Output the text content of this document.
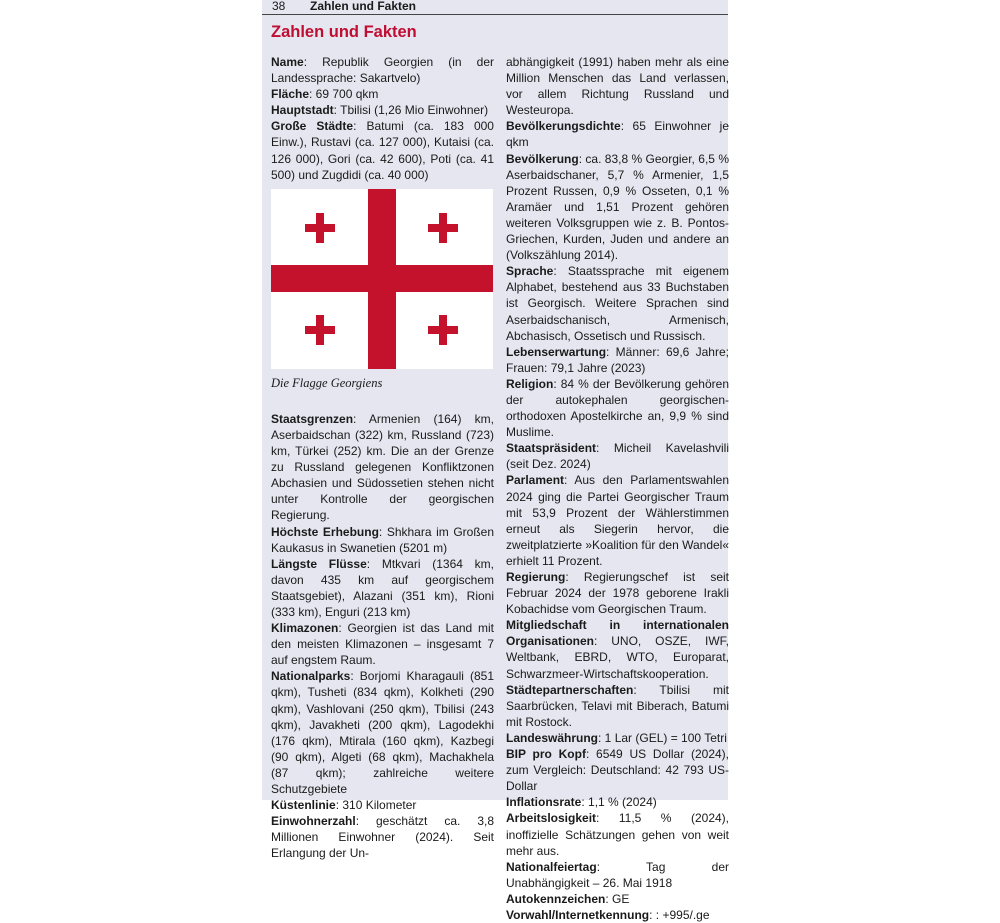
38 Zahlen und Fakten
Zahlen und Fakten

Name: Republik Georgien (in der Landessprache: Sakartvelo)

Fläche: 69 700 qkm

Hauptstadt: Tbilisi (1,26 Mio Einwohner)

Große Städte: Batumi (ca. 183 000 Einw.), Rustavi (ca. 127 000), Kutaisi (ca. 126 000), Gori (ca. 42 600), Poti (ca. 41 500) und Zugdidi (ca. 40 000)

Die Flagge Georgiens

Staatsgrenzen: Armenien (164) km, Aserbaidschan (322) km, Russland (723) km, Türkei (252) km. Die an der Grenze zu Russland gelegenen Konfliktzonen Abchasien und Südossetien stehen nicht unter Kontrolle der georgischen Regierung.

Höchste Erhebung: Shkhara im Großen Kaukasus in Swanetien (5201 m)

Längste Flüsse: Mtkvari (1364 km, davon 435 km auf georgischem Staatsgebiet), Alazani (351 km), Rioni (333 km), Enguri (213 km)

Klimazonen: Georgien ist das Land mit den meisten Klimazonen – insgesamt 7 auf engstem Raum.

Nationalparks: Borjomi Kharagauli (851 qkm), Tusheti (834 qkm), Kolkheti (290 qkm), Vashlovani (250 qkm), Tbilisi (243 qkm), Javakheti (200 qkm), Lagodekhi (176 qkm), Mtirala (160 qkm), Kazbegi (90 qkm), Algeti (68 qkm), Machakhela (87 qkm); zahlreiche weitere Schutzgebiete

Küstenlinie: 310 Kilometer

Einwohnerzahl: geschätzt ca. 3,8 Millionen Einwohner (2024). Seit Erlangung der Un-

abhängigkeit (1991) haben mehr als eine Million Menschen das Land verlassen, vor allem Richtung Russland und Westeuropa.

Bevölkerungsdichte: 65 Einwohner je qkm

Bevölkerung: ca. 83,8 % Georgier, 6,5 % Aserbaidschaner, 5,7 % Armenier, 1,5 Prozent Russen, 0,9 % Osseten, 0,1 % Aramäer und 1,51 Prozent gehören weiteren Volksgruppen wie z. B. Pontos-Griechen, Kurden, Juden und andere an (Volkszählung 2014).

Sprache: Staatssprache mit eigenem Alphabet, bestehend aus 33 Buchstaben ist Georgisch. Weitere Sprachen sind Aserbaidschanisch, Armenisch, Abchasisch, Ossetisch und Russisch.

Lebenserwartung: Männer: 69,6 Jahre; Frauen: 79,1 Jahre (2023)

Religion: 84 % der Bevölkerung gehören der autokephalen georgischen-orthodoxen Apostelkirche an, 9,9 % sind Muslime.

Staatspräsident: Micheil Kavelashvili (seit Dez. 2024)

Parlament: Aus den Parlamentswahlen 2024 ging die Partei Georgischer Traum mit 53,9 Prozent der Wählerstimmen erneut als Siegerin hervor, die zweitplatzierte »Koalition für den Wandel« erhielt 11 Prozent.

Regierung: Regierungschef ist seit Februar 2024 der 1978 geborene Irakli Kobachidse vom Georgischen Traum.

Mitgliedschaft in internationalen Organisationen: UNO, OSZE, IWF, Weltbank, EBRD, WTO, Europarat, Schwarzmeer-Wirtschaftskooperation.

Städtepartnerschaften: Tbilisi mit Saarbrücken, Telavi mit Biberach, Batumi mit Rostock.

Landeswährung: 1 Lar (GEL) = 100 Tetri

BIP pro Kopf: 6549 US Dollar (2024), zum Vergleich: Deutschland: 42 793 US-Dollar

Inflationsrate: 1,1 % (2024)

Arbeitslosigkeit: 11,5 % (2024), inoffizielle Schätzungen gehen von weit mehr aus.

Nationalfeiertag: Tag der Unabhängigkeit – 26. Mai 1918

Autokennzeichen: GE

Vorwahl/Internetkennung: : +995/.ge
